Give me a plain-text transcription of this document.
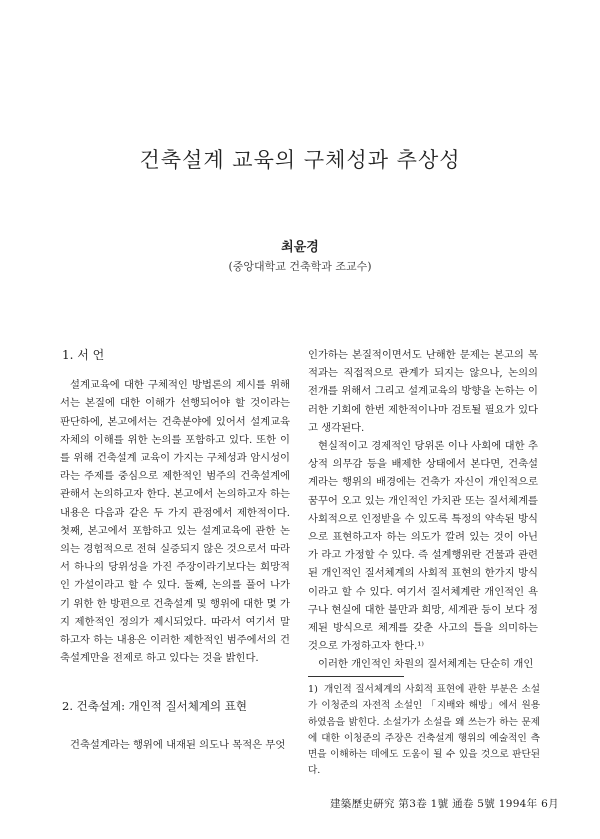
건축설계 교육의 구체성과 추상성
최윤경
(중앙대학교 건축학과 조교수)
1. 서 언

설계교육에 대한 구체적인 방법론의 제시를 위해서는 본질에 대한 이해가 선행되어야 할 것이라는 판단하에, 본고에서는 건축분야에 있어서 설계교육 자체의 이해를 위한 논의를 포함하고 있다. 또한 이를 위해 건축설계 교육이 가지는 구체성과 암시성이라는 주제를 중심으로 제한적인 범주의 건축설계에 관해서 논의하고자 한다. 본고에서 논의하고자 하는 내용은 다음과 같은 두 가지 관점에서 제한적이다. 첫째, 본고에서 포함하고 있는 설계교육에 관한 논의는 경험적으로 전혀 실증되지 않은 것으로서 따라서 하나의 당위성을 가진 주장이라기보다는 희망적인 가설이라고 할 수 있다. 둘째, 논의를 풀어 나가기 위한 한 방편으로 건축설계 및 행위에 대한 몇 가지 제한적인 정의가 제시되었다. 따라서 여기서 말하고자 하는 내용은 이러한 제한적인 범주에서의 건축설계만을 전제로 하고 있다는 것을 밝힌다.

2. 건축설계: 개인적 질서체계의 표현

건축설계라는 행위에 내재된 의도나 목적은 무엇

인가하는 본질적이면서도 난해한 문제는 본고의 목적과는 직접적으로 관계가 되지는 않으나, 논의의 전개를 위해서 그리고 설계교육의 방향을 논하는 이러한 기회에 한번 제한적이나마 검토될 필요가 있다고 생각된다.

현실적이고 경제적인 당위론 이나 사회에 대한 추상적 의무감 등을 배제한 상태에서 본다면, 건축설계라는 행위의 배경에는 건축가 자신이 개인적으로 꿈꾸어 오고 있는 개인적인 가치관 또는 질서체계를 사회적으로 인정받을 수 있도록 특정의 약속된 방식으로 표현하고자 하는 의도가 깔려 있는 것이 아닌가 라고 가정할 수 있다. 즉 설계행위란 건물과 관련된 개인적인 질서체계의 사회적 표현의 한가지 방식이라고 할 수 있다. 여기서 질서체계란 개인적인 욕구나 현실에 대한 불만과 희망, 세계관 등이 보다 정제된 방식으로 체계를 갖춘 사고의 틀을 의미하는 것으로 가정하고자 한다.¹⁾

이러한 개인적인 차원의 질서체계는 단순히 개인

1) 개인적 질서체계의 사회적 표현에 관한 부분은 소설가 이청준의 자전적 소설인 「지배와 해방」에서 원용하였음을 밝힌다. 소설가가 소설을 왜 쓰는가 하는 문제에 대한 이청준의 주장은 건축설계 행위의 예술적인 측면을 이해하는 데에도 도움이 될 수 있을 것으로 판단된다.

建築歷史硏究 第3卷 1號 通卷 5號 1994年 6月
